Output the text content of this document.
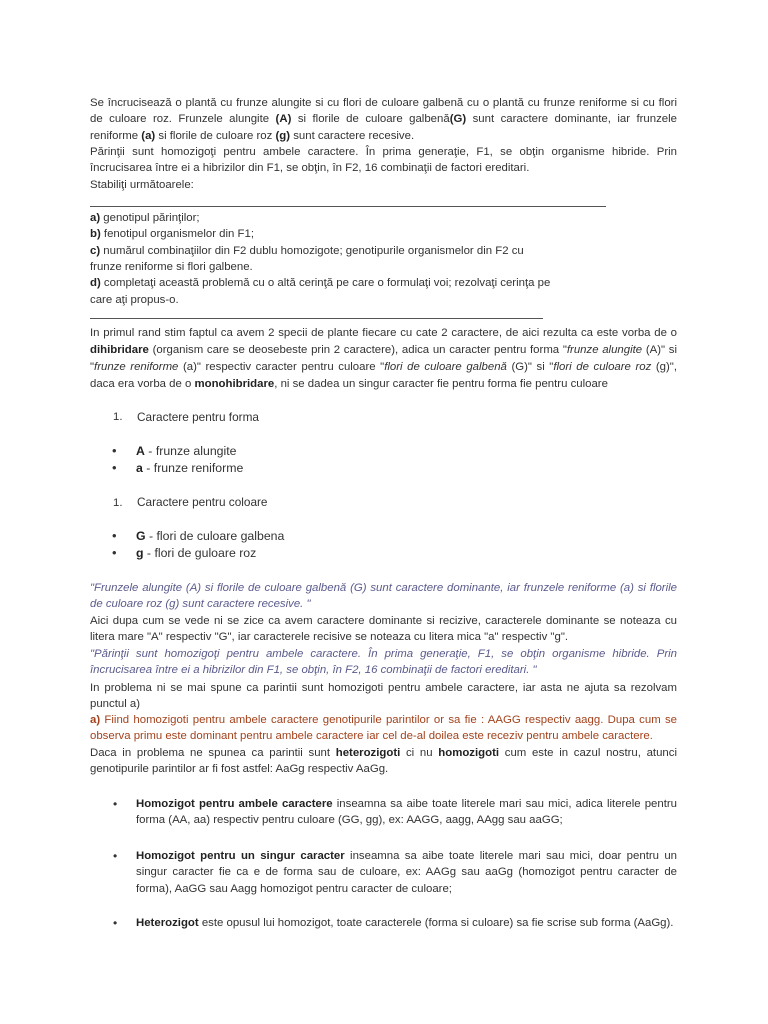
Se încrucisează o plantă cu frunze alungite si cu flori de culoare galbenă cu o plantă cu frunze reniforme si cu flori de culoare roz. Frunzele alungite (A) si florile de culoare galbenă(G) sunt caractere dominante, iar frunzele reniforme (a) si florile de culoare roz (g) sunt caractere recesive.

Părinţii sunt homozigoţi pentru ambele caractere. În prima generaţie, F1, se obţin organisme hibride. Prin încrucisarea între ei a hibrizilor din F1, se obţin, în F2, 16 combinaţii de factori ereditari.

Stabiliţi următoarele:

a) genotipul părinţilor;

b) fenotipul organismelor din F1;

c) numărul combinaţiilor din F2 dublu homozigote; genotipurile organismelor din F2 cu

frunze reniforme si flori galbene.

d) completaţi această problemă cu o altă cerinţă pe care o formulaţi voi; rezolvaţi cerinţa pe

care aţi propus-o.

In primul rand stim faptul ca avem 2 specii de plante fiecare cu cate 2 caractere, de aici rezulta ca este vorba de o dihibridare (organism care se deosebeste prin 2 caractere), adica un caracter pentru forma "frunze alungite (A)" si "frunze reniforme (a)" respectiv caracter pentru culoare "flori de culoare galbenă (G)" si "flori de culoare roz (g)", daca era vorba de o monohibridare, ni se dadea un singur caracter fie pentru forma fie pentru culoare

1. Caractere pentru forma
• A - frunze alungite
• a - frunze reniforme
1. Caractere pentru coloare
• G - flori de culoare galbena
• g - flori de guloare roz

"Frunzele alungite (A) si florile de culoare galbenă (G) sunt caractere dominante, iar frunzele reniforme (a) si florile de culoare roz (g) sunt caractere recesive. "

Aici dupa cum se vede ni se zice ca avem caractere dominante si recizive, caracterele dominante se noteaza cu litera mare "A" respectiv "G", iar caracterele recisive se noteaza cu litera mica "a" respectiv "g".

"Părinţii sunt homozigoţi pentru ambele caractere. În prima generaţie, F1, se obţin organisme hibride. Prin încrucisarea între ei a hibrizilor din F1, se obţin, în F2, 16 combinaţii de factori ereditari. "

In problema ni se mai spune ca parintii sunt homozigoti pentru ambele caractere, iar asta ne ajuta sa rezolvam punctul a)

a) Fiind homozigoti pentru ambele caractere genotipurile parintilor or sa fie : AAGG respectiv aagg. Dupa cum se observa primu este dominant pentru ambele caractere iar cel de-al doilea este receziv pentru ambele caractere.

Daca in problema ne spunea ca parintii sunt heterozigoti ci nu homozigoti cum este in cazul nostru, atunci genotipurile parintilor ar fi fost astfel: AaGg respectiv AaGg.

• Homozigot pentru ambele caractere inseamna sa aibe toate literele mari sau mici, adica literele pentru forma (AA, aa) respectiv pentru culoare (GG, gg), ex: AAGG, aagg, AAgg sau aaGG;

• Homozigot pentru un singur caracter inseamna sa aibe toate literele mari sau mici, doar pentru un singur caracter fie ca e de forma sau de culoare, ex: AAGg sau aaGg (homozigot pentru caracter de forma), AaGG sau Aagg homozigot pentru caracter de culoare;

• Heterozigot este opusul lui homozigot, toate caracterele (forma si culoare) sa fie scrise sub forma (AaGg).
